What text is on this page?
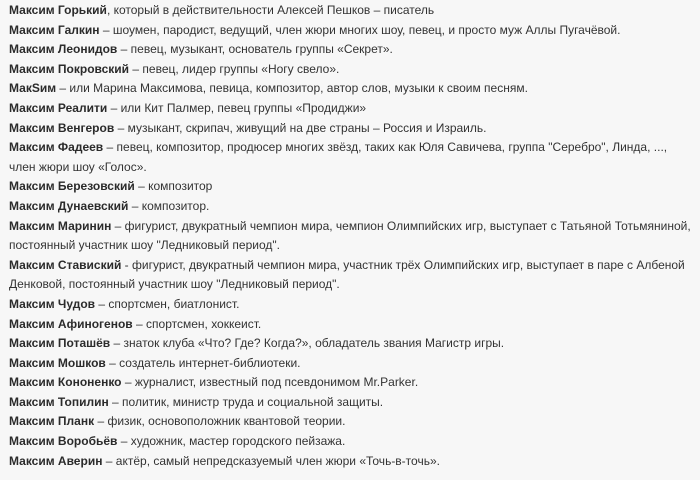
Максим Горький, который в действительности Алексей Пешков – писатель

Максим Галкин – шоумен, пародист, ведущий, член жюри многих шоу, певец, и просто муж Аллы Пугачёвой.

Максим Леонидов – певец, музыкант, основатель группы «Секрет».

Максим Покровский – певец, лидер группы «Ногу свело».

МакSим – или Марина Максимова, певица, композитор, автор слов, музыки к своим песням.

Максим Реалити – или Кит Палмер, певец группы «Продиджи»

Максим Венгеров – музыкант, скрипач, живущий на две страны – Россия и Израиль.

Максим Фадеев – певец, композитор, продюсер многих звёзд, таких как Юля Савичева, группа "Серебро", Линда, ..., член жюри шоу «Голос».

Максим Березовский – композитор

Максим Дунаевский – композитор.

Максим Маринин – фигурист, двукратный чемпион мира, чемпион Олимпийских игр, выступает с Татьяной Тотьмяниной, постоянный участник шоу "Ледниковый период".

Максим Ставиский - фигурист, двукратный чемпион мира, участник трёх Олимпийских игр, выступает в паре с Албеной Денковой, постоянный участник шоу "Ледниковый период".

Максим Чудов – спортсмен, биатлонист.

Максим Афиногенов – спортсмен, хоккеист.

Максим Поташёв – знаток клуба «Что? Где? Когда?», обладатель звания Магистр игры.

Максим Мошков – создатель интернет-библиотеки.

Максим Кононенко – журналист, известный под псевдонимом Mr.Parker.

Максим Топилин – политик, министр труда и социальной защиты.

Максим Планк – физик, основоположник квантовой теории.

Максим Воробьёв – художник, мастер городского пейзажа.

Максим Аверин – актёр, самый непредсказуемый член жюри «Точь-в-точь».
